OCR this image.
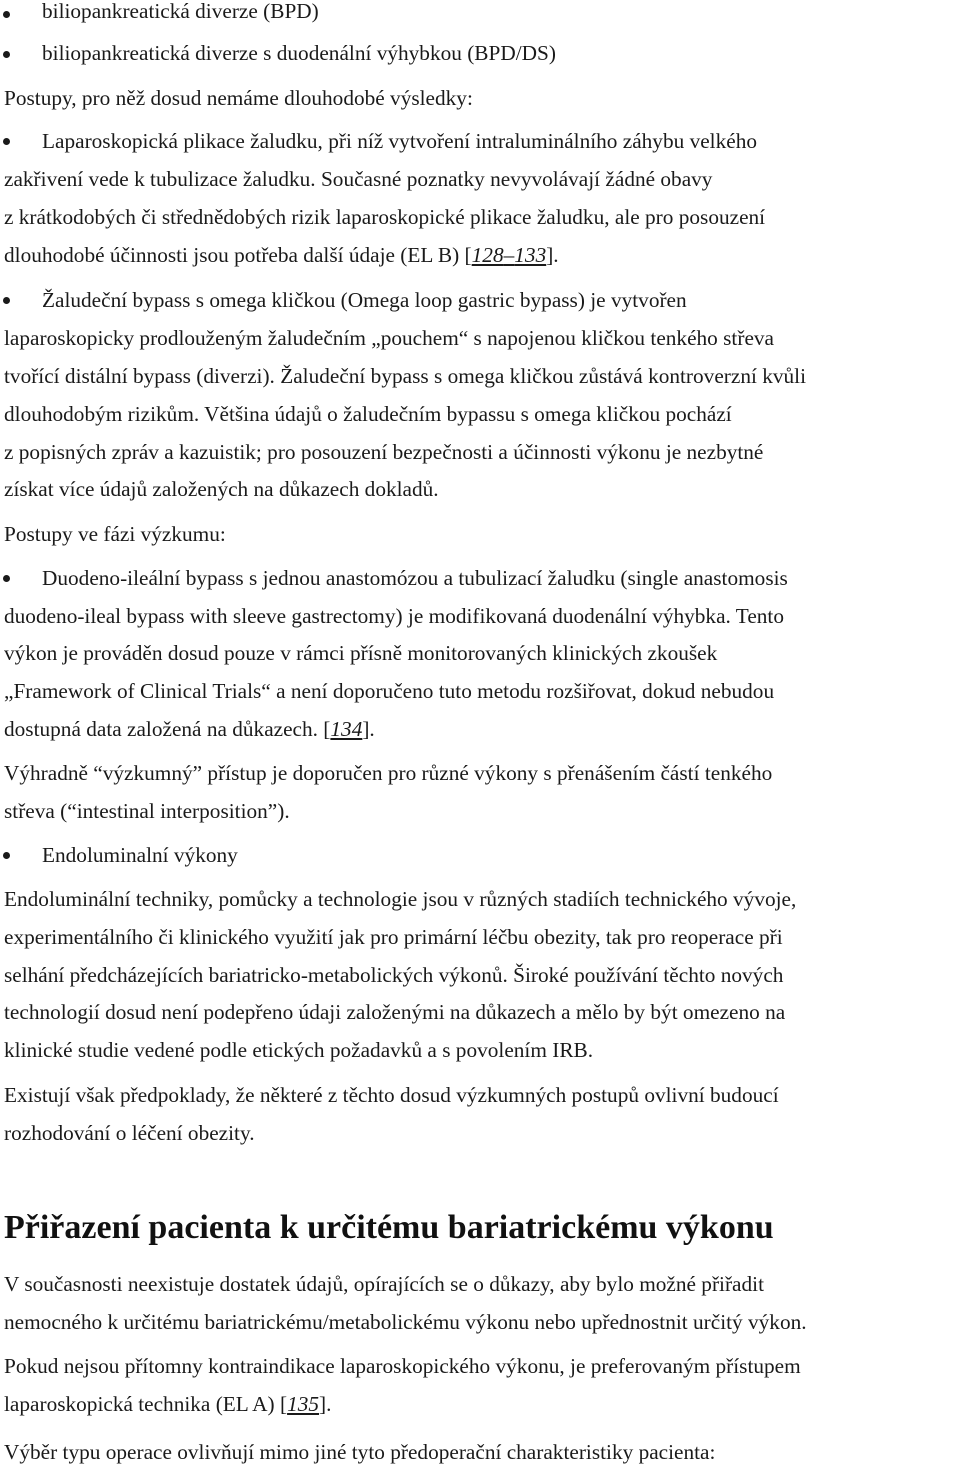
biliopankreatická diverze (BPD)
biliopankreatická diverze s duodenální výhybkou (BPD/DS)
Postupy, pro něž dosud nemáme dlouhodobé výsledky:
Laparoskopická plikace žaludku, při níž vytvoření intraluminálního záhybu velkého
zakřivení vede k tubulizace žaludku. Současné poznatky nevyvolávají žádné obavy
z krátkodobých či střednědobých rizik laparoskopické plikace žaludku, ale pro posouzení
dlouhodobé účinnosti jsou potřeba další údaje (EL B) [128–133].
Žaludeční bypass s omega kličkou (Omega loop gastric bypass) je vytvořen
laparoskopicky prodlouženým žaludečním „pouchem“ s napojenou kličkou tenkého střeva
tvořící distální bypass (diverzi). Žaludeční bypass s omega kličkou zůstává kontroverzní kvůli
dlouhodobým rizikům. Většina údajů o žaludečním bypassu s omega kličkou pochází
z popisných zpráv a kazuistik; pro posouzení bezpečnosti a účinnosti výkonu je nezbytné
získat více údajů založených na důkazech dokladů.
Postupy ve fázi výzkumu:
Duodeno-ileální bypass s jednou anastomózou a tubulizací žaludku (single anastomosis
duodeno-ileal bypass with sleeve gastrectomy) je modifikovaná duodenální výhybka. Tento
výkon je prováděn dosud pouze v rámci přísně monitorovaných klinických zkoušek
„Framework of Clinical Trials“ a není doporučeno tuto metodu rozšiřovat, dokud nebudou
dostupná data založená na důkazech. [134].
Výhradně “výzkumný” přístup je doporučen pro různé výkony s přenášením částí tenkého
střeva (“intestinal interposition”).
Endoluminalní výkony
Endoluminální techniky, pomůcky a technologie jsou v různých stadiích technického vývoje,
experimentálního či klinického využití jak pro primární léčbu obezity, tak pro reoperace při
selhání předcházejících bariatricko-metabolických výkonů. Široké používání těchto nových
technologií dosud není podepřeno údaji založenými na důkazech a mělo by být omezeno na
klinické studie vedené podle etických požadavků a s povolením IRB.
Existují však předpoklady, že některé z těchto dosud výzkumných postupů ovlivní budoucí
rozhodování o léčení obezity.
Přiřazení pacienta k určitému bariatrickému výkonu
V současnosti neexistuje dostatek údajů, opírajících se o důkazy, aby bylo možné přiřadit
nemocného k určitému bariatrickému/metabolickému výkonu nebo upřednostnit určitý výkon.
Pokud nejsou přítomny kontraindikace laparoskopického výkonu, je preferovaným přístupem
laparoskopická technika (EL A) [135].
Výběr typu operace ovlivňují mimo jiné tyto předoperační charakteristiky pacienta:
